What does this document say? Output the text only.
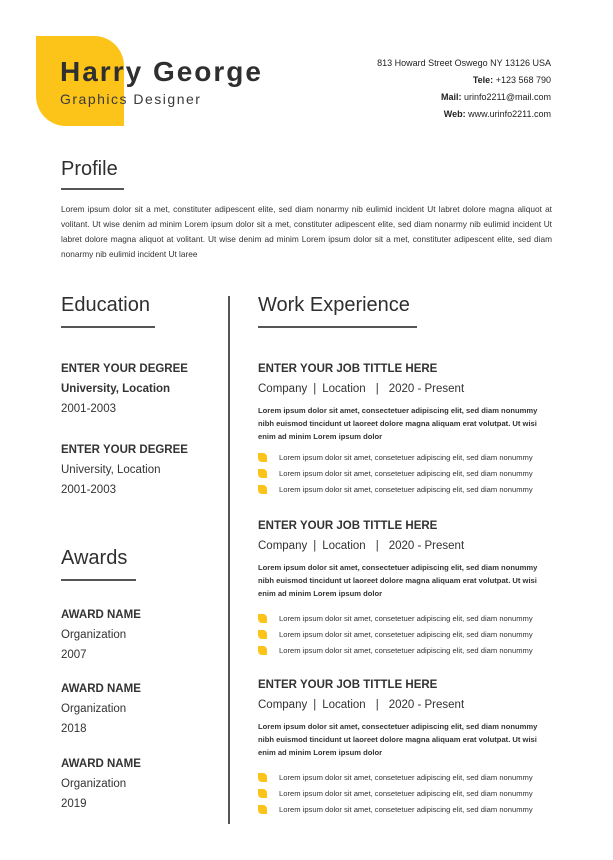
Harry George
Graphics Designer
813 Howard Street Oswego NY 13126 USA
Tele: +123 568 790
Mail: urinfo2211@mail.com
Web: www.urinfo2211.com
Profile
Lorem ipsum dolor sit a met, constituter adipescent elite, sed diam nonarmy nib eulimid incident Ut labret dolore magna aliquot at volitant. Ut wise denim ad minim Lorem ipsum dolor sit a met, constituter adipescent elite, sed diam nonarmy nib eulimid incident Ut labret dolore magna aliquot at volitant. Ut wise denim ad minim Lorem ipsum dolor sit a met, constituter adipescent elite, sed diam nonarmy nib eulimid incident Ut laree
Education
ENTER YOUR DEGREE
University, Location
2001-2003
ENTER YOUR DEGREE
University, Location
2001-2003
Awards
AWARD NAME
Organization
2007
AWARD NAME
Organization
2018
AWARD NAME
Organization
2019
Work Experience
ENTER YOUR JOB TITTLE HERE
Company | Location | 2020 - Present
Lorem ipsum dolor sit amet, consectetuer adipiscing elit, sed diam nonummy nibh euismod tincidunt ut laoreet dolore magna aliquam erat volutpat. Ut wisi enim ad minim Lorem ipsum dolor
Lorem ipsum dolor sit amet, consetetuer adipiscing elit, sed diam nonummy
Lorem ipsum dolor sit amet, consetetuer adipiscing elit, sed diam nonummy
Lorem ipsum dolor sit amet, consetetuer adipiscing elit, sed diam nonummy
ENTER YOUR JOB TITTLE HERE
Company | Location | 2020 - Present
Lorem ipsum dolor sit amet, consectetuer adipiscing elit, sed diam nonummy nibh euismod tincidunt ut laoreet dolore magna aliquam erat volutpat. Ut wisi enim ad minim Lorem ipsum dolor
Lorem ipsum dolor sit amet, consetetuer adipiscing elit, sed diam nonummy
Lorem ipsum dolor sit amet, consetetuer adipiscing elit, sed diam nonummy
Lorem ipsum dolor sit amet, consetetuer adipiscing elit, sed diam nonummy
ENTER YOUR JOB TITTLE HERE
Company | Location | 2020 - Present
Lorem ipsum dolor sit amet, consectetuer adipiscing elit, sed diam nonummy nibh euismod tincidunt ut laoreet dolore magna aliquam erat volutpat. Ut wisi enim ad minim Lorem ipsum dolor
Lorem ipsum dolor sit amet, consetetuer adipiscing elit, sed diam nonummy
Lorem ipsum dolor sit amet, consetetuer adipiscing elit, sed diam nonummy
Lorem ipsum dolor sit amet, consetetuer adipiscing elit, sed diam nonummy
